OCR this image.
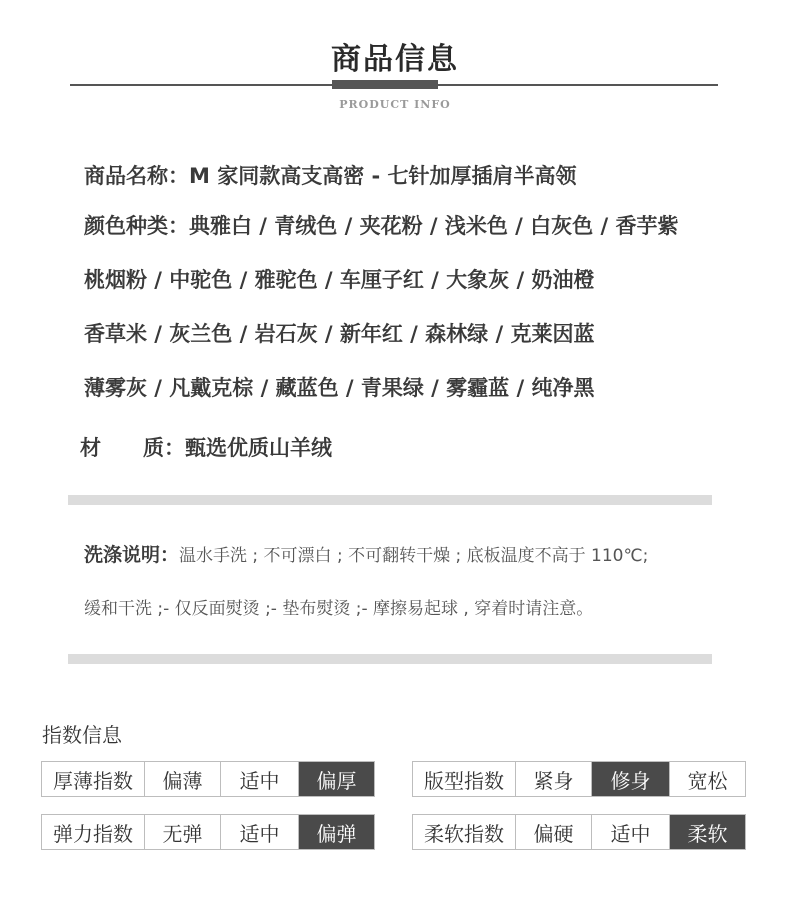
商品信息
PRODUCT INFO
商品名称：M 家同款高支高密 - 七针加厚插肩半高领
颜色种类：典雅白 / 青绒色 / 夹花粉 / 浅米色 / 白灰色 / 香芋紫
桃烟粉 / 中驼色 / 雅驼色 / 车厘子红 / 大象灰 / 奶油橙
香草米 / 灰兰色 / 岩石灰 / 新年红 / 森林绿 / 克莱因蓝
薄雾灰 / 凡戴克棕 / 藏蓝色 / 青果绿 / 雾霾蓝 / 纯净黑
材　　质：甄选优质山羊绒
洗涤说明：温水手洗 ; 不可漂白 ; 不可翻转干燥 ; 底板温度不高于 110℃;
缓和干洗 ;- 仅反面熨烫 ;- 垫布熨烫 ;- 摩擦易起球 , 穿着时请注意。
指数信息
厚薄指数	偏薄	适中	偏厚	版型指数	紧身	修身	宽松
弹力指数	无弹	适中	偏弹	柔软指数	偏硬	适中	柔软
